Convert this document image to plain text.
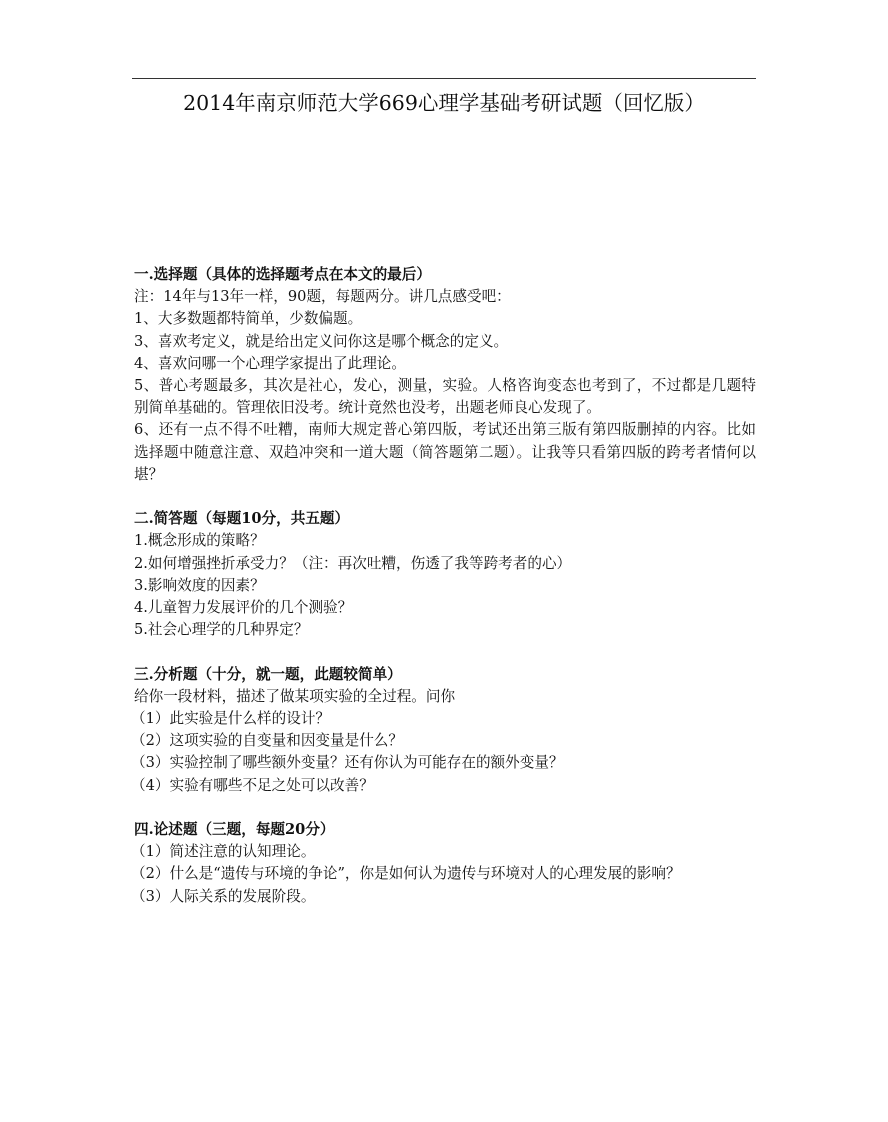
2014年南京师范大学669心理学基础考研试题（回忆版）
一.选择题（具体的选择题考点在本文的最后）
注：14年与13年一样，90题，每题两分。讲几点感受吧：
1、大多数题都特简单，少数偏题。
3、喜欢考定义，就是给出定义问你这是哪个概念的定义。
4、喜欢问哪一个心理学家提出了此理论。
5、普心考题最多，其次是社心，发心，测量，实验。人格咨询变态也考到了，不过都是几题特别简单基础的。管理依旧没考。统计竟然也没考，出题老师良心发现了。
6、还有一点不得不吐糟，南师大规定普心第四版，考试还出第三版有第四版删掉的内容。比如选择题中随意注意、双趋冲突和一道大题（简答题第二题）。让我等只看第四版的跨考者情何以堪？
二.简答题（每题10分，共五题）
1.概念形成的策略？
2.如何增强挫折承受力？（注：再次吐糟，伤透了我等跨考者的心）
3.影响效度的因素？
4.儿童智力发展评价的几个测验？
5.社会心理学的几种界定？
三.分析题（十分，就一题，此题较简单）
给你一段材料，描述了做某项实验的全过程。问你
（1）此实验是什么样的设计？
（2）这项实验的自变量和因变量是什么？
（3）实验控制了哪些额外变量？还有你认为可能存在的额外变量？
（4）实验有哪些不足之处可以改善？
四.论述题（三题，每题20分）
（1）简述注意的认知理论。
（2）什么是“遗传与环境的争论”，你是如何认为遗传与环境对人的心理发展的影响？
（3）人际关系的发展阶段。
